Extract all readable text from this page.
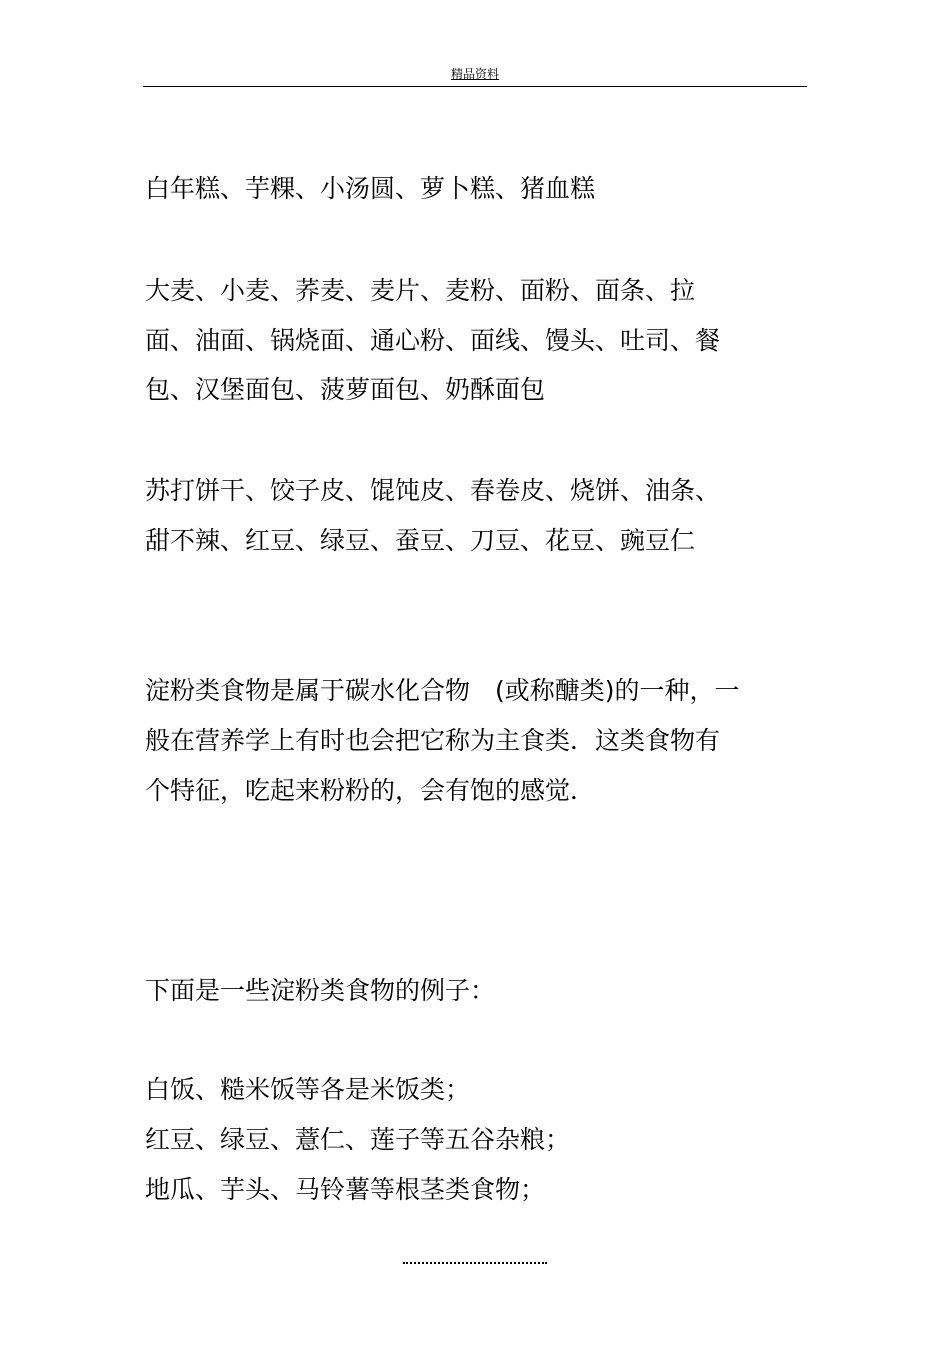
精品资料
白年糕、芋粿、小汤圆、萝卜糕、猪血糕
大麦、小麦、荞麦、麦片、麦粉、面粉、面条、拉
面、油面、锅烧面、通心粉、面线、馒头、吐司、餐
包、汉堡面包、菠萝面包、奶酥面包
苏打饼干、饺子皮、馄饨皮、春卷皮、烧饼、油条、
甜不辣、红豆、绿豆、蚕豆、刀豆、花豆、豌豆仁
淀粉类食物是属于碳水化合物　(或称醣类)的一种，一
般在营养学上有时也会把它称为主食类．这类食物有
个特征，吃起来粉粉的，会有饱的感觉．
下面是一些淀粉类食物的例子：
白饭、糙米饭等各是米饭类；
红豆、绿豆、薏仁、莲子等五谷杂粮；
地瓜、芋头、马铃薯等根茎类食物；
